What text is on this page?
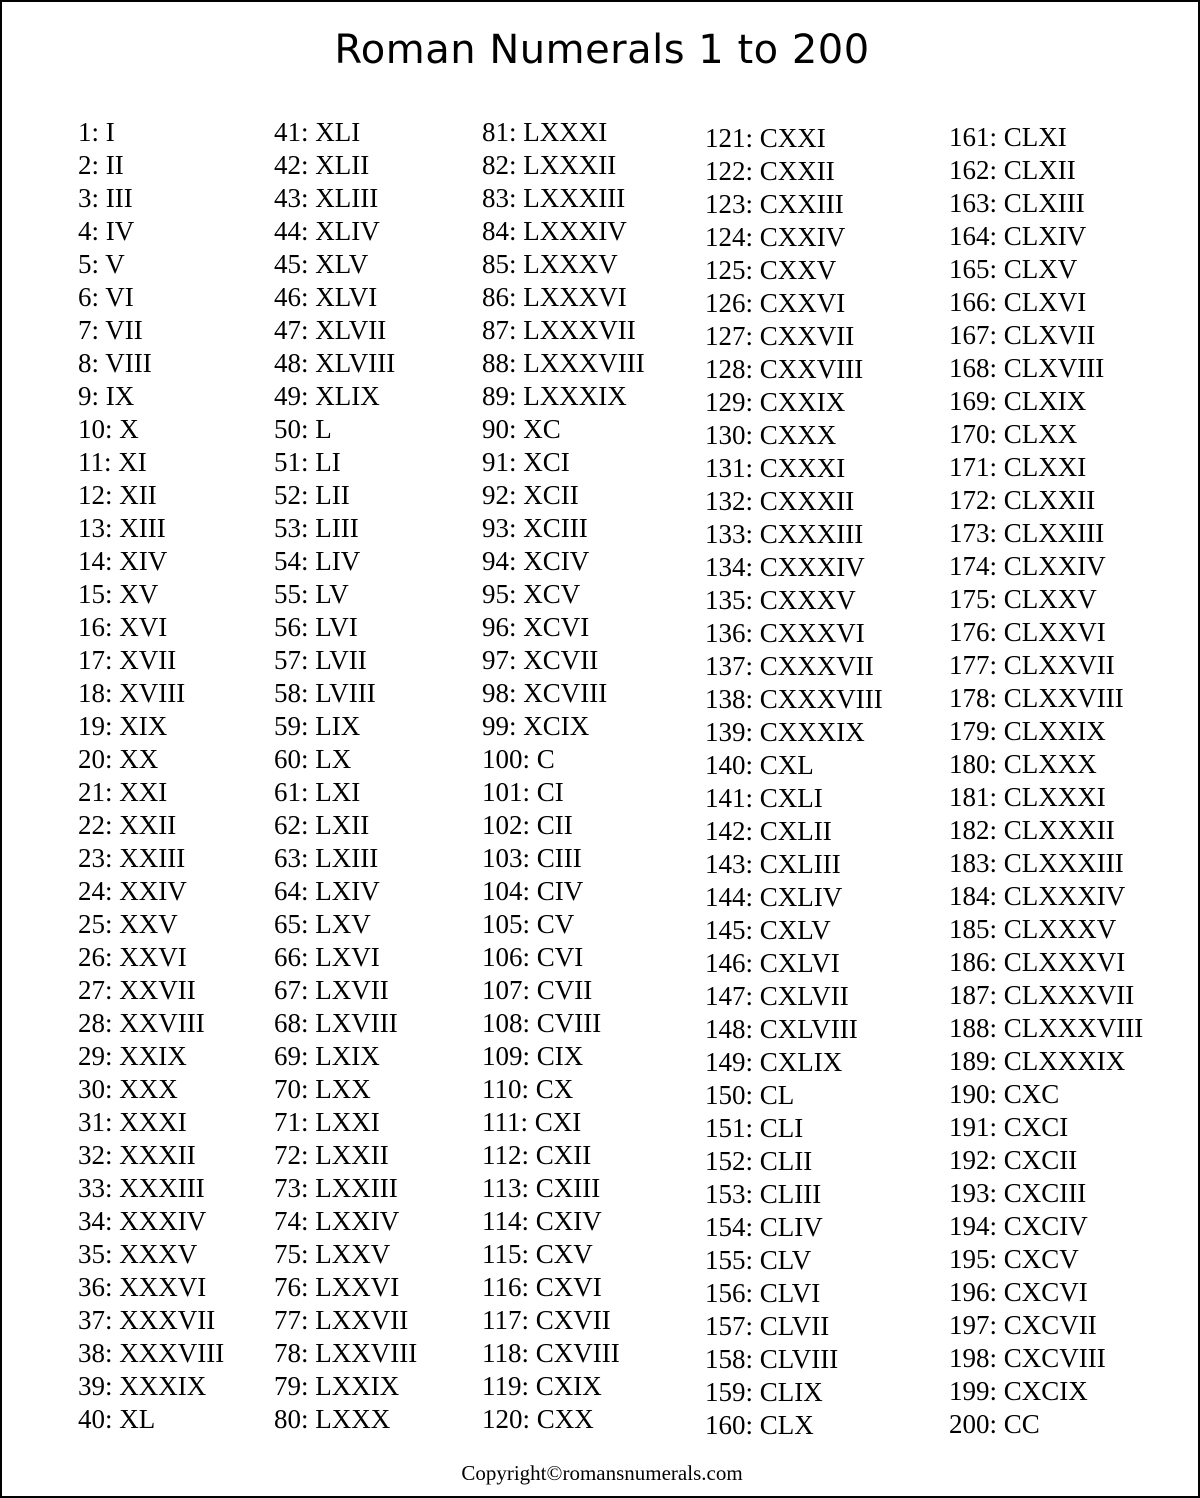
Roman Numerals 1 to 200
1: I
2: II
3: III
4: IV
5: V
6: VI
7: VII
8: VIII
9: IX
10: X
11: XI
12: XII
13: XIII
14: XIV
15: XV
16: XVI
17: XVII
18: XVIII
19: XIX
20: XX
21: XXI
22: XXII
23: XXIII
24: XXIV
25: XXV
26: XXVI
27: XXVII
28: XXVIII
29: XXIX
30: XXX
31: XXXI
32: XXXII
33: XXXIII
34: XXXIV
35: XXXV
36: XXXVI
37: XXXVII
38: XXXVIII
39: XXXIX
40: XL
41: XLI
42: XLII
43: XLIII
44: XLIV
45: XLV
46: XLVI
47: XLVII
48: XLVIII
49: XLIX
50: L
51: LI
52: LII
53: LIII
54: LIV
55: LV
56: LVI
57: LVII
58: LVIII
59: LIX
60: LX
61: LXI
62: LXII
63: LXIII
64: LXIV
65: LXV
66: LXVI
67: LXVII
68: LXVIII
69: LXIX
70: LXX
71: LXXI
72: LXXII
73: LXXIII
74: LXXIV
75: LXXV
76: LXXVI
77: LXXVII
78: LXXVIII
79: LXXIX
80: LXXX
81: LXXXI
82: LXXXII
83: LXXXIII
84: LXXXIV
85: LXXXV
86: LXXXVI
87: LXXXVII
88: LXXXVIII
89: LXXXIX
90: XC
91: XCI
92: XCII
93: XCIII
94: XCIV
95: XCV
96: XCVI
97: XCVII
98: XCVIII
99: XCIX
100: C
101: CI
102: CII
103: CIII
104: CIV
105: CV
106: CVI
107: CVII
108: CVIII
109: CIX
110: CX
111: CXI
112: CXII
113: CXIII
114: CXIV
115: CXV
116: CXVI
117: CXVII
118: CXVIII
119: CXIX
120: CXX
121: CXXI
122: CXXII
123: CXXIII
124: CXXIV
125: CXXV
126: CXXVI
127: CXXVII
128: CXXVIII
129: CXXIX
130: CXXX
131: CXXXI
132: CXXXII
133: CXXXIII
134: CXXXIV
135: CXXXV
136: CXXXVI
137: CXXXVII
138: CXXXVIII
139: CXXXIX
140: CXL
141: CXLI
142: CXLII
143: CXLIII
144: CXLIV
145: CXLV
146: CXLVI
147: CXLVII
148: CXLVIII
149: CXLIX
150: CL
151: CLI
152: CLII
153: CLIII
154: CLIV
155: CLV
156: CLVI
157: CLVII
158: CLVIII
159: CLIX
160: CLX
161: CLXI
162: CLXII
163: CLXIII
164: CLXIV
165: CLXV
166: CLXVI
167: CLXVII
168: CLXVIII
169: CLXIX
170: CLXX
171: CLXXI
172: CLXXII
173: CLXXIII
174: CLXXIV
175: CLXXV
176: CLXXVI
177: CLXXVII
178: CLXXVIII
179: CLXXIX
180: CLXXX
181: CLXXXI
182: CLXXXII
183: CLXXXIII
184: CLXXXIV
185: CLXXXV
186: CLXXXVI
187: CLXXXVII
188: CLXXXVIII
189: CLXXXIX
190: CXC
191: CXCI
192: CXCII
193: CXCIII
194: CXCIV
195: CXCV
196: CXCVI
197: CXCVII
198: CXCVIII
199: CXCIX
200: CC
Copyright©romansnumerals.com
